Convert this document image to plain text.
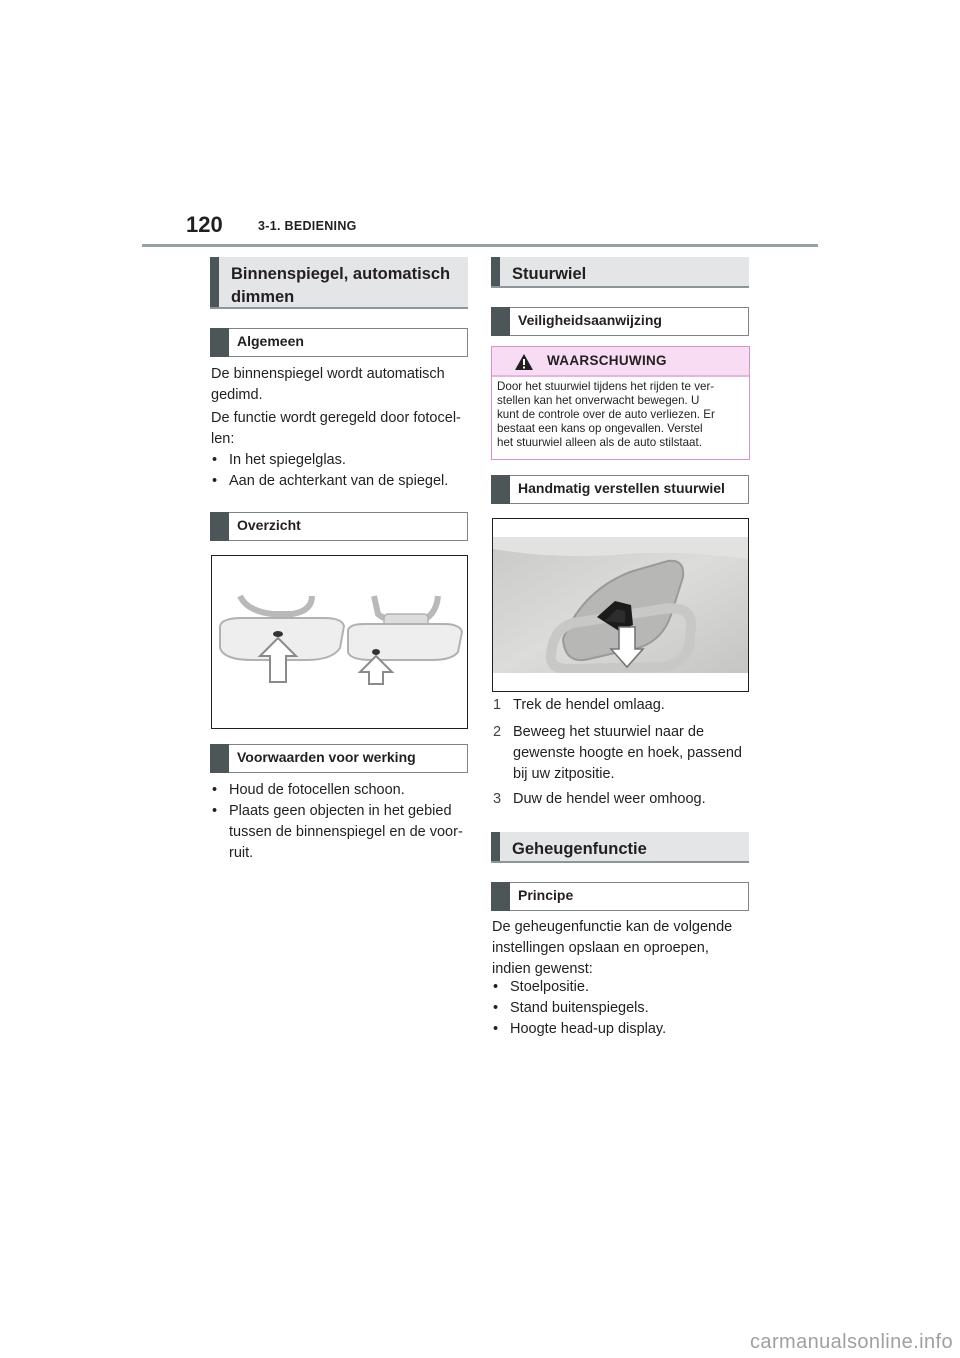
120	3-1. BEDIENING
Binnenspiegel, automatisch
dimmen
Algemeen
De binnenspiegel wordt automatisch
gedimd.
De functie wordt geregeld door fotocel-
len:
• In het spiegelglas.
• Aan de achterkant van de spiegel.
Overzicht
Voorwaarden voor werking
• Houd de fotocellen schoon.
• Plaats geen objecten in het gebied
tussen de binnenspiegel en de voor-
ruit.
Stuurwiel
Veiligheidsaanwijzing
WAARSCHUWING
Door het stuurwiel tijdens het rijden te ver-
stellen kan het onverwacht bewegen. U
kunt de controle over de auto verliezen. Er
bestaat een kans op ongevallen. Verstel
het stuurwiel alleen als de auto stilstaat.
Handmatig verstellen stuurwiel
1 Trek de hendel omlaag.
2 Beweeg het stuurwiel naar de
gewenste hoogte en hoek, passend
bij uw zitpositie.
3 Duw de hendel weer omhoog.
Geheugenfunctie
Principe
De geheugenfunctie kan de volgende
instellingen opslaan en oproepen,
indien gewenst:
• Stoelpositie.
• Stand buitenspiegels.
• Hoogte head-up display.
carmanualsonline.info
